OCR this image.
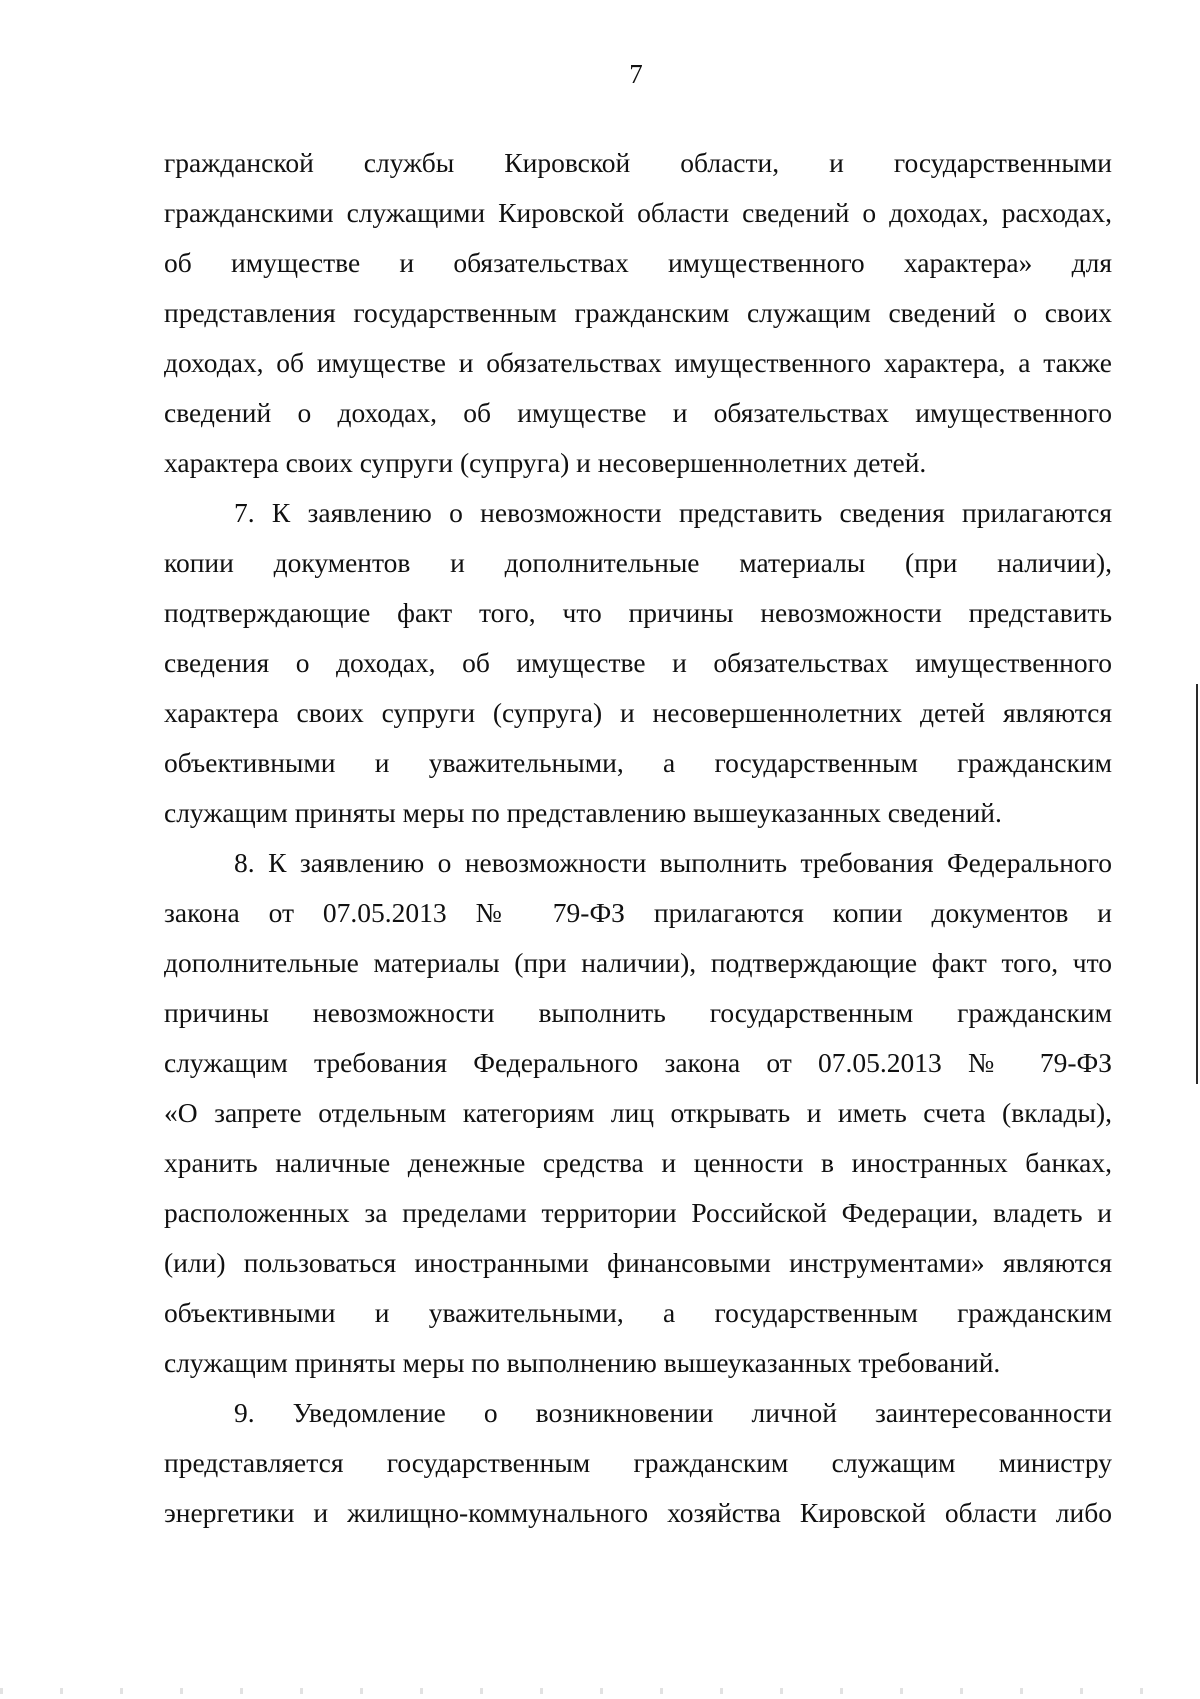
7

гражданской службы Кировской области, и государственными
гражданскими служащими Кировской области сведений о доходах, расходах,
об имуществе и обязательствах имущественного характера» для
представления государственным гражданским служащим сведений о своих
доходах, об имуществе и обязательствах имущественного характера, а также
сведений о доходах, об имуществе и обязательствах имущественного
характера своих супруги (супруга) и несовершеннолетних детей.

7. К заявлению о невозможности представить сведения прилагаются
копии документов и дополнительные материалы (при наличии),
подтверждающие факт того, что причины невозможности представить
сведения о доходах, об имуществе и обязательствах имущественного
характера своих супруги (супруга) и несовершеннолетних детей являются
объективными и уважительными, а государственным гражданским
служащим приняты меры по представлению вышеуказанных сведений.

8. К заявлению о невозможности выполнить требования Федерального
закона от 07.05.2013 № 79-ФЗ прилагаются копии документов и
дополнительные материалы (при наличии), подтверждающие факт того, что
причины невозможности выполнить государственным гражданским
служащим требования Федерального закона от 07.05.2013 № 79-ФЗ
«О запрете отдельным категориям лиц открывать и иметь счета (вклады),
хранить наличные денежные средства и ценности в иностранных банках,
расположенных за пределами территории Российской Федерации, владеть и
(или) пользоваться иностранными финансовыми инструментами» являются
объективными и уважительными, а государственным гражданским
служащим приняты меры по выполнению вышеуказанных требований.

9. Уведомление о возникновении личной заинтересованности
представляется государственным гражданским служащим министру
энергетики и жилищно-коммунального хозяйства Кировской области либо
